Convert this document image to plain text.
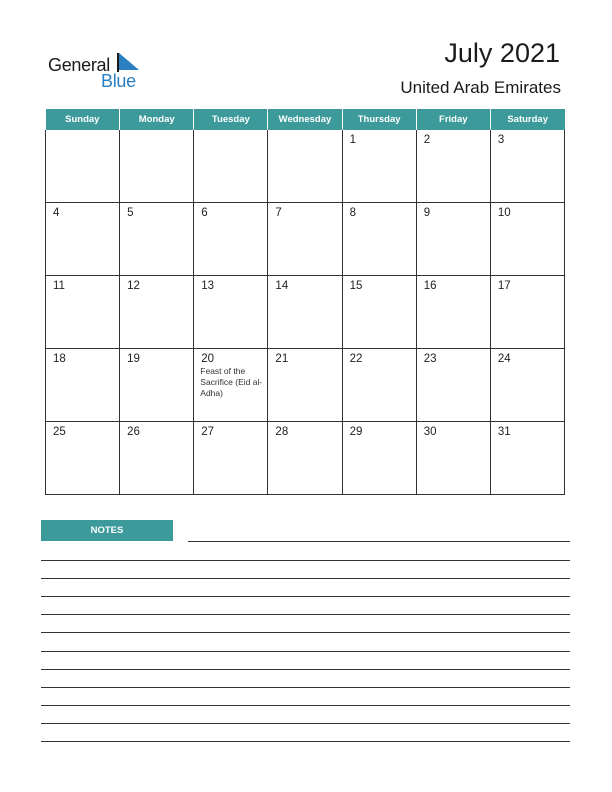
General
Blue
July 2021
United Arab Emirates
Sunday	Monday	Tuesday	Wednesday	Thursday	Friday	Saturday

				1	2	3

4	5	6	7	8	9	10

11	12	13	14	15	16	17

18	19	20
Feast of the Sacrifice (Eid al-Adha)	21	22	23	24

25	26	27	28	29	30	31
NOTES
